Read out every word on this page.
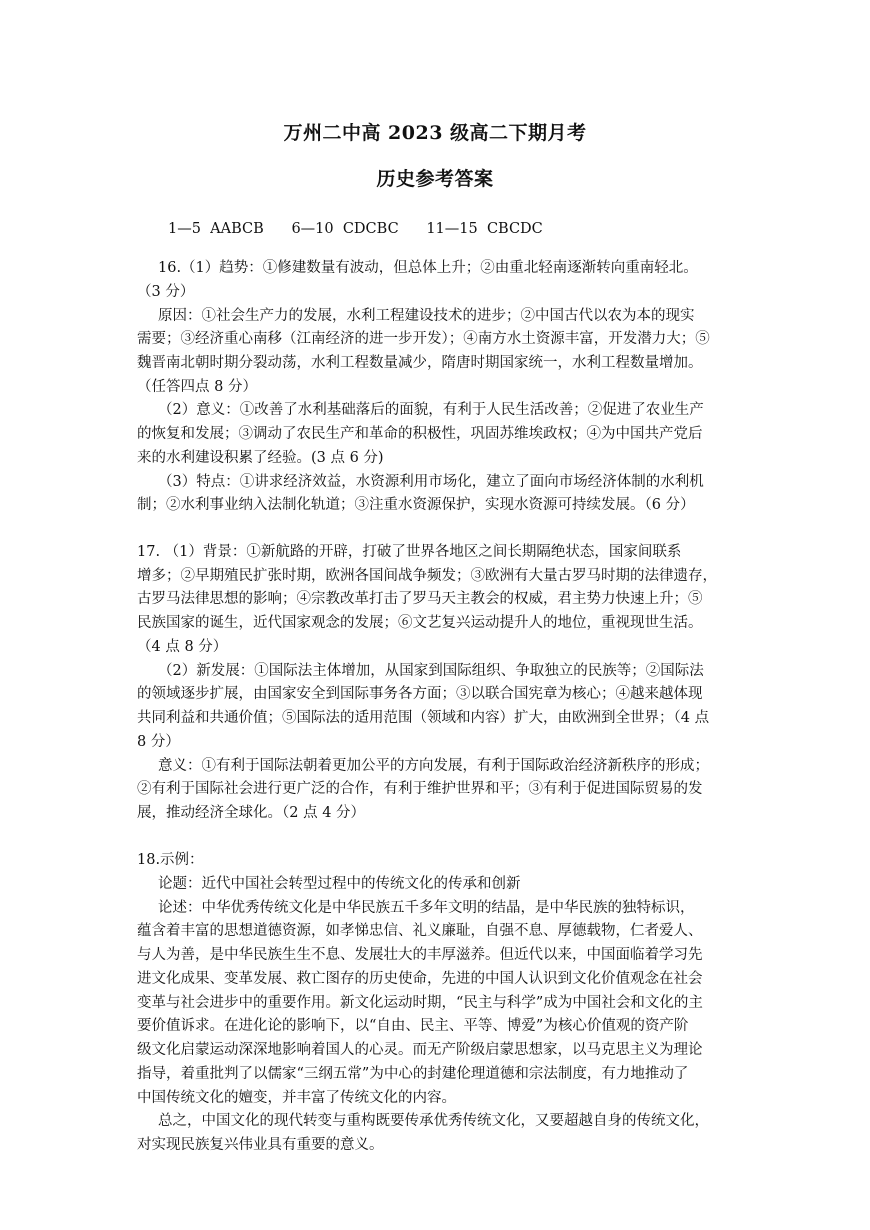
万州二中高 2023 级高二下期月考
历史参考答案
1—5  AABCB      6—10  CDCBC      11—15  CBCDC
16.（1）趋势：①修建数量有波动，但总体上升；②由重北轻南逐渐转向重南轻北。
（3 分）
原因：①社会生产力的发展，水利工程建设技术的进步；②中国古代以农为本的现实
需要；③经济重心南移（江南经济的进一步开发）；④南方水土资源丰富，开发潜力大；⑤
魏晋南北朝时期分裂动荡，水利工程数量减少，隋唐时期国家统一，水利工程数量增加。
（任答四点 8 分）
（2）意义：①改善了水利基础落后的面貌，有利于人民生活改善；②促进了农业生产
的恢复和发展；③调动了农民生产和革命的积极性，巩固苏维埃政权；④为中国共产党后
来的水利建设积累了经验。(3 点 6 分)
（3）特点：①讲求经济效益，水资源利用市场化，建立了面向市场经济体制的水利机
制；②水利事业纳入法制化轨道；③注重水资源保护，实现水资源可持续发展。（6 分）
17. （1）背景：①新航路的开辟，打破了世界各地区之间长期隔绝状态，国家间联系
增多；②早期殖民扩张时期，欧洲各国间战争频发；③欧洲有大量古罗马时期的法律遗存，
古罗马法律思想的影响；④宗教改革打击了罗马天主教会的权威，君主势力快速上升；⑤
民族国家的诞生，近代国家观念的发展；⑥文艺复兴运动提升人的地位，重视现世生活。
（4 点 8 分）
（2）新发展：①国际法主体增加，从国家到国际组织、争取独立的民族等；②国际法
的领域逐步扩展，由国家安全到国际事务各方面；③以联合国宪章为核心；④越来越体现
共同利益和共通价值；⑤国际法的适用范围（领域和内容）扩大，由欧洲到全世界；（4 点
8 分）
意义：①有利于国际法朝着更加公平的方向发展，有利于国际政治经济新秩序的形成；
②有利于国际社会进行更广泛的合作，有利于维护世界和平；③有利于促进国际贸易的发
展，推动经济全球化。（2 点 4 分）
18.示例：
论题：近代中国社会转型过程中的传统文化的传承和创新
论述：中华优秀传统文化是中华民族五千多年文明的结晶，是中华民族的独特标识，
蕴含着丰富的思想道德资源，如孝悌忠信、礼义廉耻，自强不息、厚德载物，仁者爱人、
与人为善，是中华民族生生不息、发展壮大的丰厚滋养。但近代以来，中国面临着学习先
进文化成果、变革发展、救亡图存的历史使命，先进的中国人认识到文化价值观念在社会
变革与社会进步中的重要作用。新文化运动时期，“民主与科学”成为中国社会和文化的主
要价值诉求。在进化论的影响下，以“自由、民主、平等、博爱”为核心价值观的资产阶
级文化启蒙运动深深地影响着国人的心灵。而无产阶级启蒙思想家，以马克思主义为理论
指导，着重批判了以儒家“三纲五常”为中心的封建伦理道德和宗法制度，有力地推动了
中国传统文化的嬗变，并丰富了传统文化的内容。
总之，中国文化的现代转变与重构既要传承优秀传统文化，又要超越自身的传统文化，
对实现民族复兴伟业具有重要的意义。
